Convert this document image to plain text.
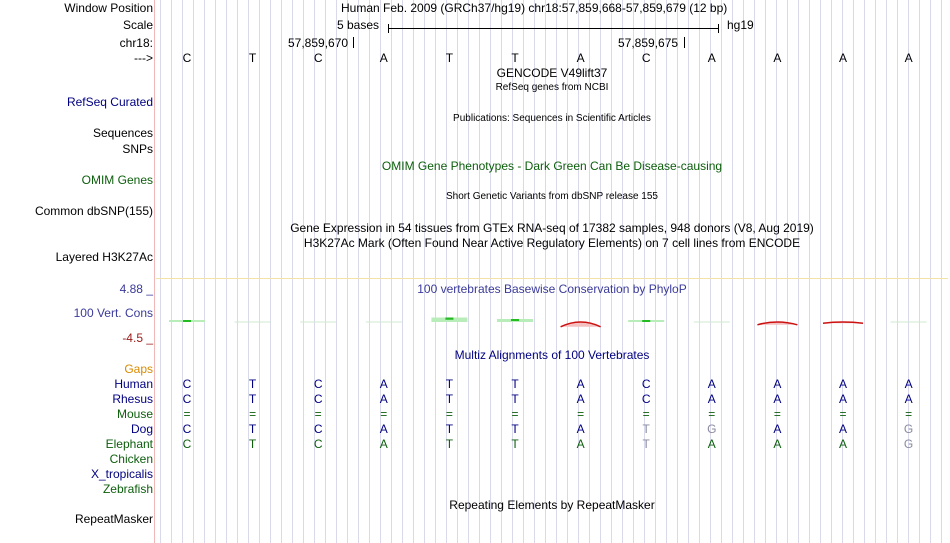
Window Position	Human Feb. 2009 (GRCh37/hg19) chr18:57,859,668-57,859,679 (12 bp)
Scale	5 bases	hg19
chr18:	57,859,670	57,859,675
---> C	T	C	A	T	T	A	C	A	A	A	A
GENCODE V49lift37
RefSeq genes from NCBI
RefSeq Curated
Publications: Sequences in Scientific Articles
Sequences
SNPs
OMIM Gene Phenotypes - Dark Green Can Be Disease-causing
OMIM Genes
Short Genetic Variants from dbSNP release 155
Common dbSNP(155)
Gene Expression in 54 tissues from GTEx RNA-seq of 17382 samples, 948 donors (V8, Aug 2019)
H3K27Ac Mark (Often Found Near Active Regulatory Elements) on 7 cell lines from ENCODE
Layered H3K27Ac
4.88 _	100 vertebrates Basewise Conservation by PhyloP
100 Vert. Cons
-4.5 _
Multiz Alignments of 100 Vertebrates
Gaps
Human C	T	C	A	T	T	A	C	A	A	A	A
Rhesus C	T	C	A	T	T	A	C	A	A	A	A
Mouse	=	=	=	=	=	=	=	=	=	=	=	=
Dog C	T	C	A	T	T	A	T	G	A	A	G
Elephant C	T	C	A	T	T	A	T	A	A	A	G
Chicken
X_tropicalis
Zebrafish
Repeating Elements by RepeatMasker
RepeatMasker
